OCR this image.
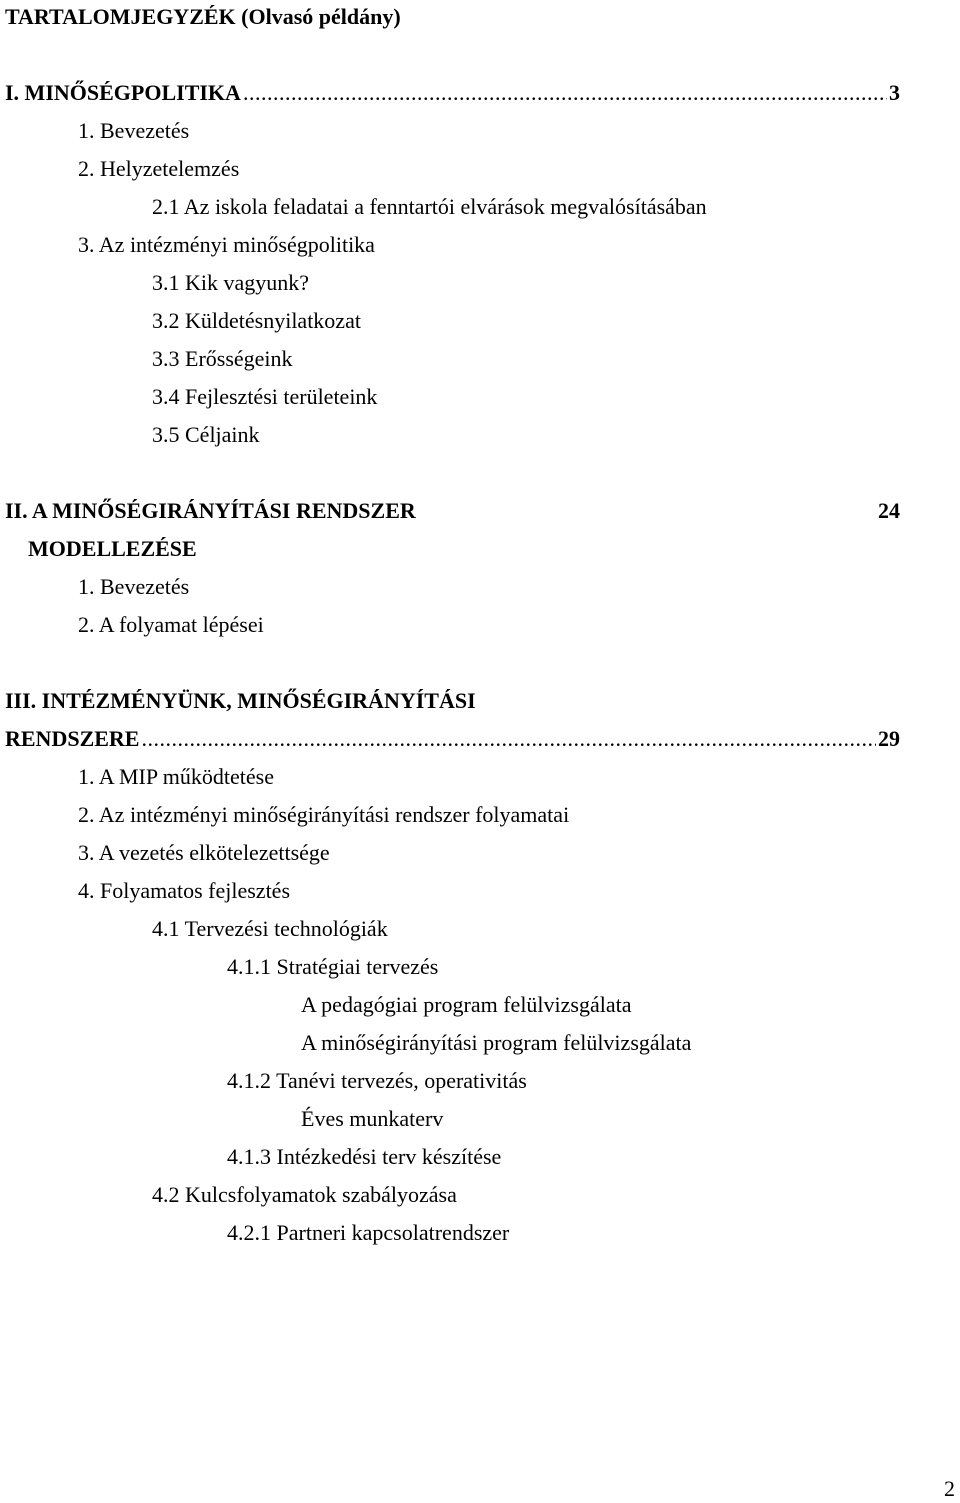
TARTALOMJEGYZÉK (Olvasó példány)
I. MINŐSÉGPOLITIKA .....	3
1. Bevezetés
2. Helyzetelemzés
2.1 Az iskola feladatai a fenntartói elvárások megvalósításában
3. Az intézményi minőségpolitika
3.1 Kik vagyunk?
3.2 Küldetésnyilatkozat
3.3 Erősségeink
3.4 Fejlesztési területeink
3.5 Céljaink
II. A MINŐSÉGIRÁNYÍTÁSI RENDSZER	24
MODELLEZÉSE
1. Bevezetés
2. A folyamat lépései
III. INTÉZMÉNYÜNK, MINŐSÉGIRÁNYÍTÁSI
RENDSZERE .....	29
1. A MIP működtetése
2. Az intézményi minőségirányítási rendszer folyamatai
3. A vezetés elkötelezettsége
4. Folyamatos fejlesztés
4.1 Tervezési technológiák
4.1.1 Stratégiai tervezés
A pedagógiai program felülvizsgálata
A minőségirányítási program felülvizsgálata
4.1.2 Tanévi tervezés, operativitás
Éves munkaterv
4.1.3 Intézkedési terv készítése
4.2 Kulcsfolyamatok szabályozása
4.2.1 Partneri kapcsolatrendszer
2
